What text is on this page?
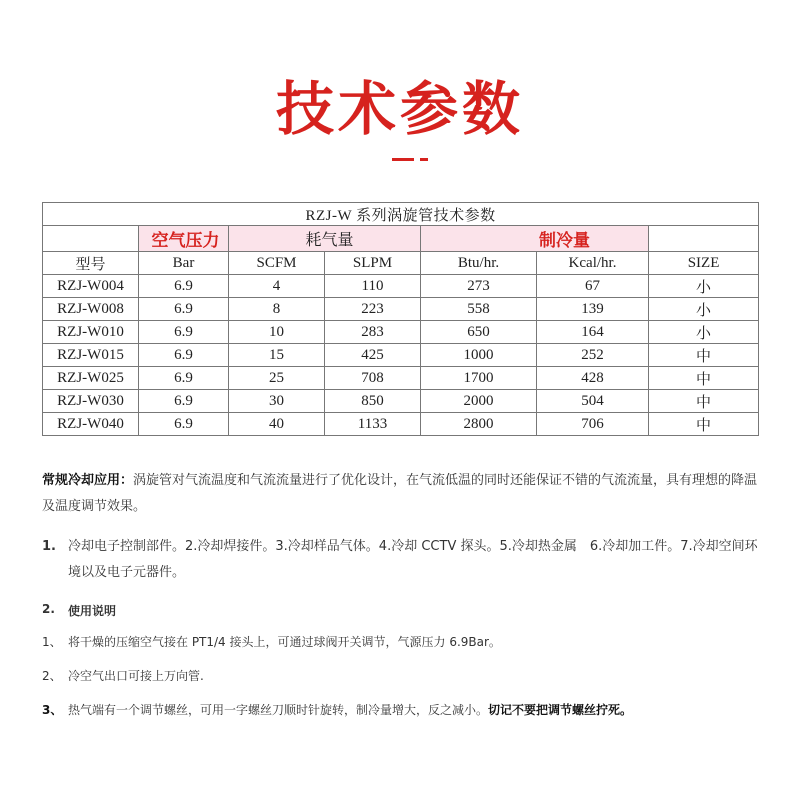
技术参数
RZJ-W 系列涡旋管技术参数						
	空气压力	耗气量		制冷量		
型号	Bar	SCFM	SLPM	Btu/hr.	Kcal/hr.	SIZE
RZJ-W004	6.9	4	110	273	67	小
RZJ-W008	6.9	8	223	558	139	小
RZJ-W010	6.9	10	283	650	164	小
RZJ-W015	6.9	15	425	1000	252	中
RZJ-W025	6.9	25	708	1700	428	中
RZJ-W030	6.9	30	850	2000	504	中
RZJ-W040	6.9	40	1133	2800	706	中

常规冷却应用：涡旋管对气流温度和气流流量进行了优化设计，在气流低温的同时还能保证不错的气流流量，具有理想的降温及温度调节效果。

1. 冷却电子控制部件。2.冷却焊接件。3.冷却样品气体。4.冷却 CCTV 探头。5.冷却热金属　6.冷却加工件。7.冷却空间环境以及电子元器件。
2.	使用说明
1、 将干燥的压缩空气接在 PT1/4 接头上，可通过球阀开关调节，气源压力 6.9Bar。
2、 冷空气出口可接上万向管.
3、 热气端有一个调节螺丝，可用一字螺丝刀顺时针旋转，制冷量增大，反之减小。切记不要把调节螺丝拧死。
